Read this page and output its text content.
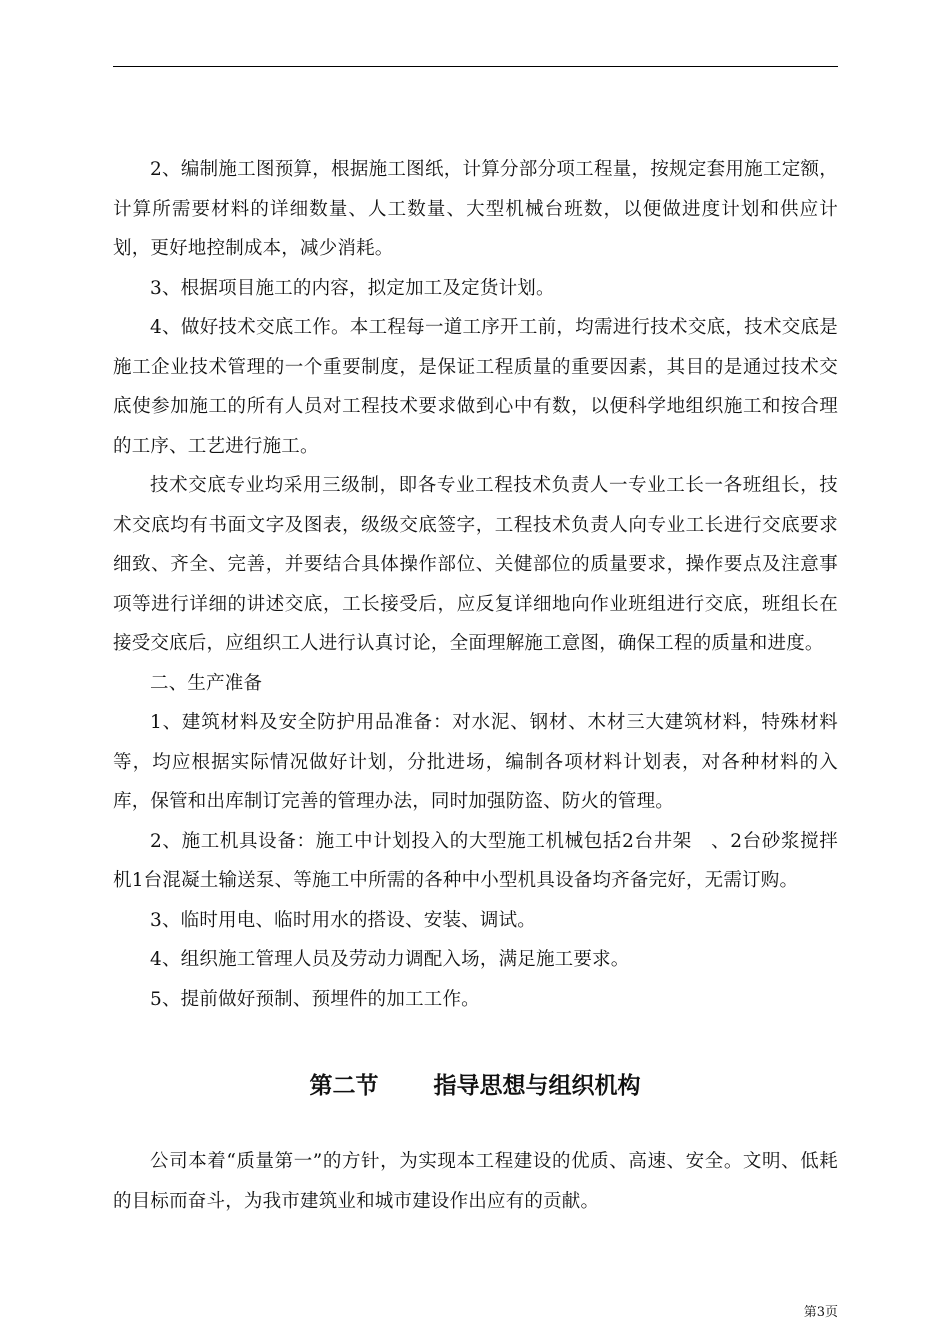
2、编制施工图预算，根据施工图纸，计算分部分项工程量，按规定套用施工定额，计算所需要材料的详细数量、人工数量、大型机械台班数，以便做进度计划和供应计划，更好地控制成本，减少消耗。

3、根据项目施工的内容，拟定加工及定货计划。

4、做好技术交底工作。本工程每一道工序开工前，均需进行技术交底，技术交底是施工企业技术管理的一个重要制度，是保证工程质量的重要因素，其目的是通过技术交底使参加施工的所有人员对工程技术要求做到心中有数，以便科学地组织施工和按合理的工序、工艺进行施工。

技术交底专业均采用三级制，即各专业工程技术负责人一专业工长一各班组长，技术交底均有书面文字及图表，级级交底签字，工程技术负责人向专业工长进行交底要求细致、齐全、完善，并要结合具体操作部位、关健部位的质量要求，操作要点及注意事项等进行详细的讲述交底，工长接受后，应反复详细地向作业班组进行交底，班组长在接受交底后，应组织工人进行认真讨论，全面理解施工意图，确保工程的质量和进度。

二、生产准备

1、建筑材料及安全防护用品准备：对水泥、钢材、木材三大建筑材料，特殊材料等，均应根据实际情况做好计划，分批进场，编制各项材料计划表，对各种材料的入库，保管和出库制订完善的管理办法，同时加强防盗、防火的管理。

2、施工机具设备：施工中计划投入的大型施工机械包括2台井架　、2台砂浆搅拌机1台混凝土输送泵、等施工中所需的各种中小型机具设备均齐备完好，无需订购。

3、临时用电、临时用水的搭设、安装、调试。

4、组织施工管理人员及劳动力调配入场，满足施工要求。

5、提前做好预制、预埋件的加工工作。

第二节 指导思想与组织机构

公司本着“质量第一”的方针，为实现本工程建设的优质、高速、安全。文明、低耗的目标而奋斗，为我市建筑业和城市建设作出应有的贡献。

第3页
